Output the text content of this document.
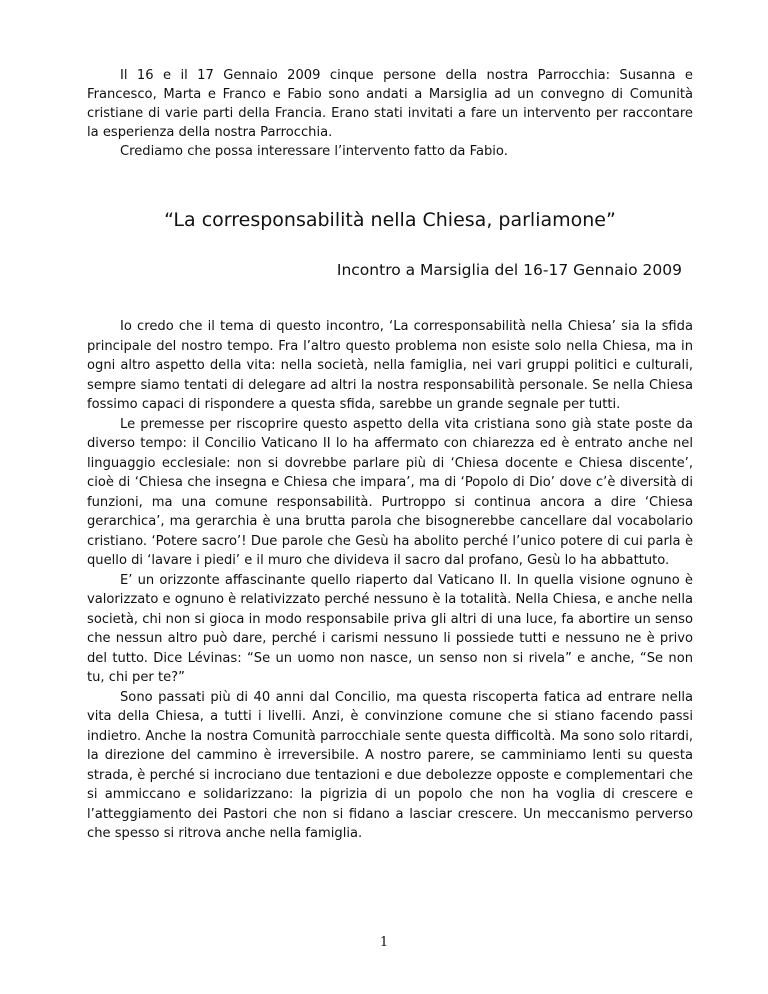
Il 16 e il 17 Gennaio 2009 cinque persone della nostra Parrocchia: Susanna e Francesco, Marta e Franco e Fabio sono andati a Marsiglia ad un convegno di Comunità cristiane di varie parti della Francia. Erano stati invitati a fare un intervento per raccontare la esperienza della nostra Parrocchia.

Crediamo che possa interessare l’intervento fatto da Fabio.

“La corresponsabilità nella Chiesa, parliamone”
Incontro a Marsiglia del 16-17 Gennaio 2009

Io credo che il tema di questo incontro, ‘La corresponsabilità nella Chiesa’ sia la sfida principale del nostro tempo. Fra l’altro questo problema non esiste solo nella Chiesa, ma in ogni altro aspetto della vita: nella società, nella famiglia, nei vari gruppi politici e culturali, sempre siamo tentati di delegare ad altri la nostra responsabilità personale. Se nella Chiesa fossimo capaci di rispondere a questa sfida, sarebbe un grande segnale per tutti.

Le premesse per riscoprire questo aspetto della vita cristiana sono già state poste da diverso tempo: il Concilio Vaticano II lo ha affermato con chiarezza ed è entrato anche nel linguaggio ecclesiale: non si dovrebbe parlare più di ‘Chiesa docente e Chiesa discente’, cioè di ‘Chiesa che insegna e Chiesa che impara’, ma di ‘Popolo di Dio’ dove c’è diversità di funzioni, ma una comune responsabilità. Purtroppo si continua ancora a dire ‘Chiesa gerarchica’, ma gerarchia è una brutta parola che bisognerebbe cancellare dal vocabolario cristiano. ‘Potere sacro’! Due parole che Gesù ha abolito perché l’unico potere di cui parla è quello di ‘lavare i piedi’ e il muro che divideva il sacro dal profano, Gesù lo ha abbattuto.

E’ un orizzonte affascinante quello riaperto dal Vaticano II. In quella visione ognuno è valorizzato e ognuno è relativizzato perché nessuno è la totalità. Nella Chiesa, e anche nella società, chi non si gioca in modo responsabile priva gli altri di una luce, fa abortire un senso che nessun altro può dare, perché i carismi nessuno li possiede tutti e nessuno ne è privo del tutto. Dice Lévinas: “Se un uomo non nasce, un senso non si rivela” e anche, “Se non tu, chi per te?”

Sono passati più di 40 anni dal Concilio, ma questa riscoperta fatica ad entrare nella vita della Chiesa, a tutti i livelli. Anzi, è convinzione comune che si stiano facendo passi indietro. Anche la nostra Comunità parrocchiale sente questa difficoltà. Ma sono solo ritardi, la direzione del cammino è irreversibile. A nostro parere, se camminiamo lenti su questa strada, è perché si incrociano due tentazioni e due debolezze opposte e complementari che si ammiccano e solidarizzano: la pigrizia di un popolo che non ha voglia di crescere e l’atteggiamento dei Pastori che non si fidano a lasciar crescere. Un meccanismo perverso che spesso si ritrova anche nella famiglia.

1
